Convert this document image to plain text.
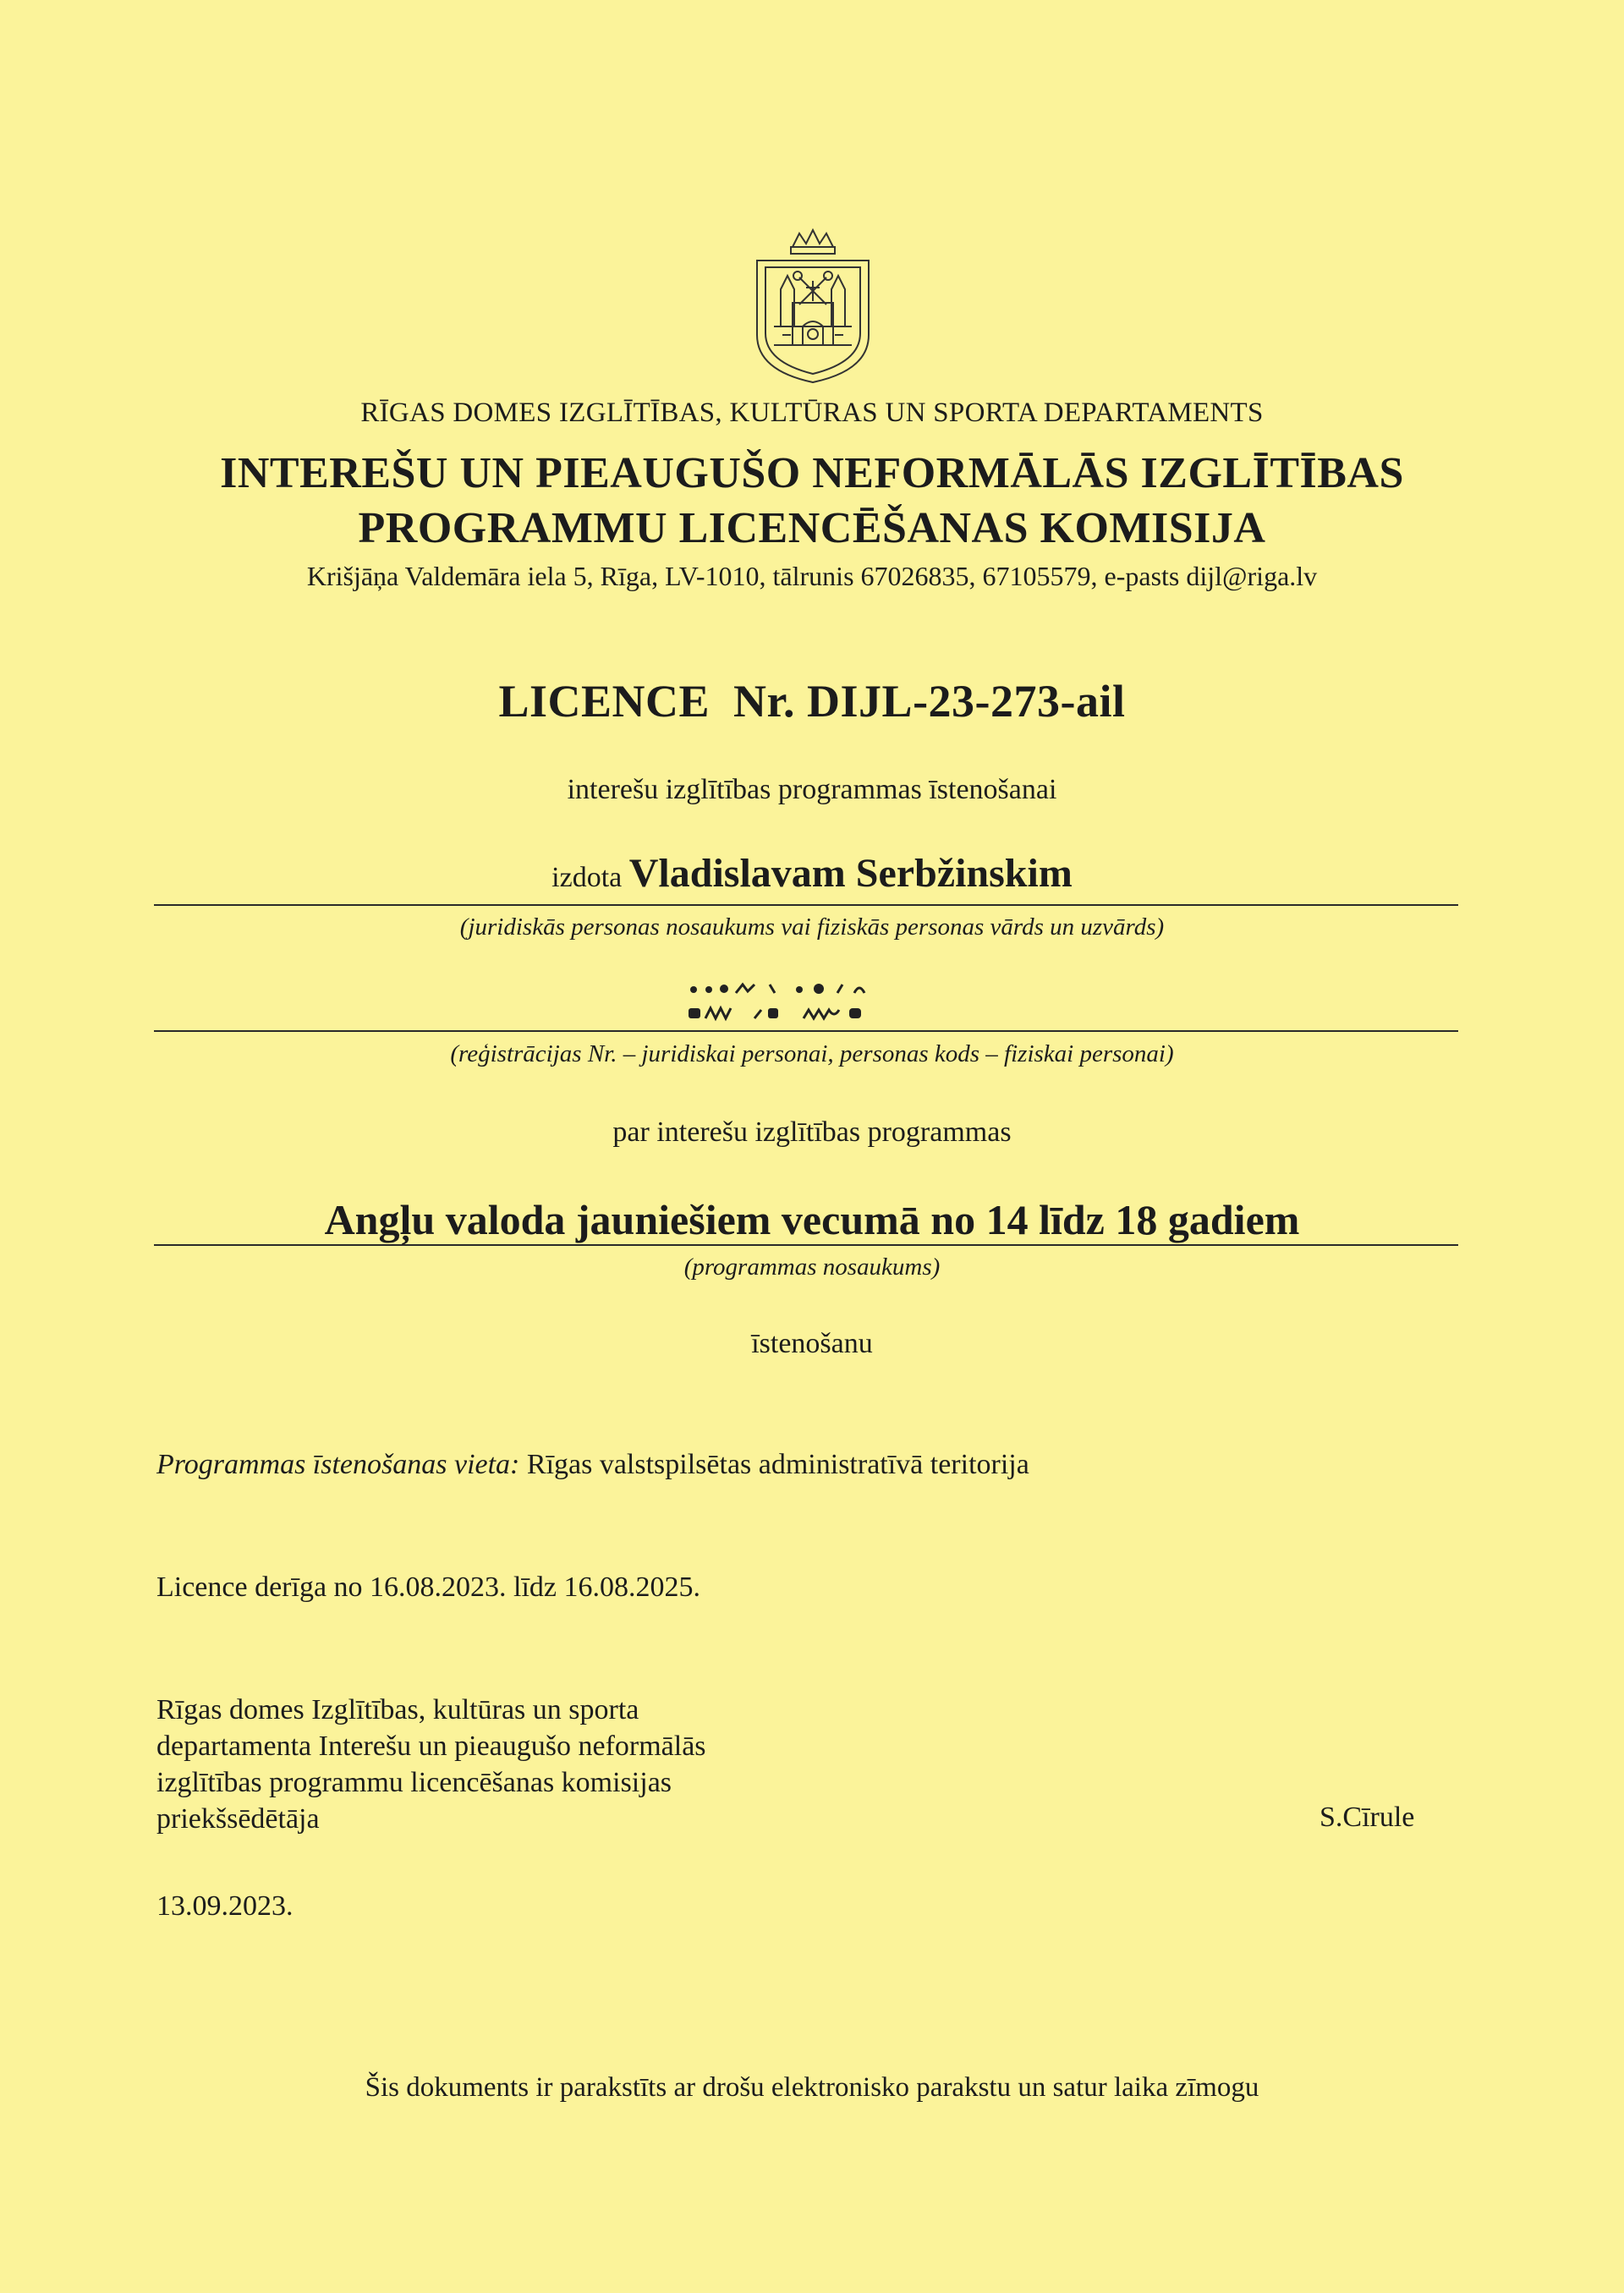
RĪGAS DOMES IZGLĪTĪBAS, KULTŪRAS UN SPORTA DEPARTAMENTS
INTEREŠU UN PIEAUGUŠO NEFORMĀLĀS IZGLĪTĪBAS
PROGRAMMU LICENCĒŠANAS KOMISIJA
Krišjāņa Valdemāra iela 5, Rīga, LV-1010, tālrunis 67026835, 67105579, e-pasts dijl@riga.lv
LICENCE  Nr. DIJL-23-273-ail
interešu izglītības programmas īstenošanai
izdota Vladislavam Serbžinskim
(juridiskās personas nosaukums vai fiziskās personas vārds un uzvārds)
(reģistrācijas Nr. – juridiskai personai, personas kods – fiziskai personai)
par interešu izglītības programmas
Angļu valoda jauniešiem vecumā no 14 līdz 18 gadiem
(programmas nosaukums)
īstenošanu
Programmas īstenošanas vieta: Rīgas valstspilsētas administratīvā teritorija
Licence derīga no 16.08.2023. līdz 16.08.2025.
Rīgas domes Izglītības, kultūras un sporta
departamenta Interešu un pieaugušo neformālās
izglītības programmu licencēšanas komisijas
priekšsēdētāja	S.Cīrule
13.09.2023.
Šis dokuments ir parakstīts ar drošu elektronisko parakstu un satur laika zīmogu
